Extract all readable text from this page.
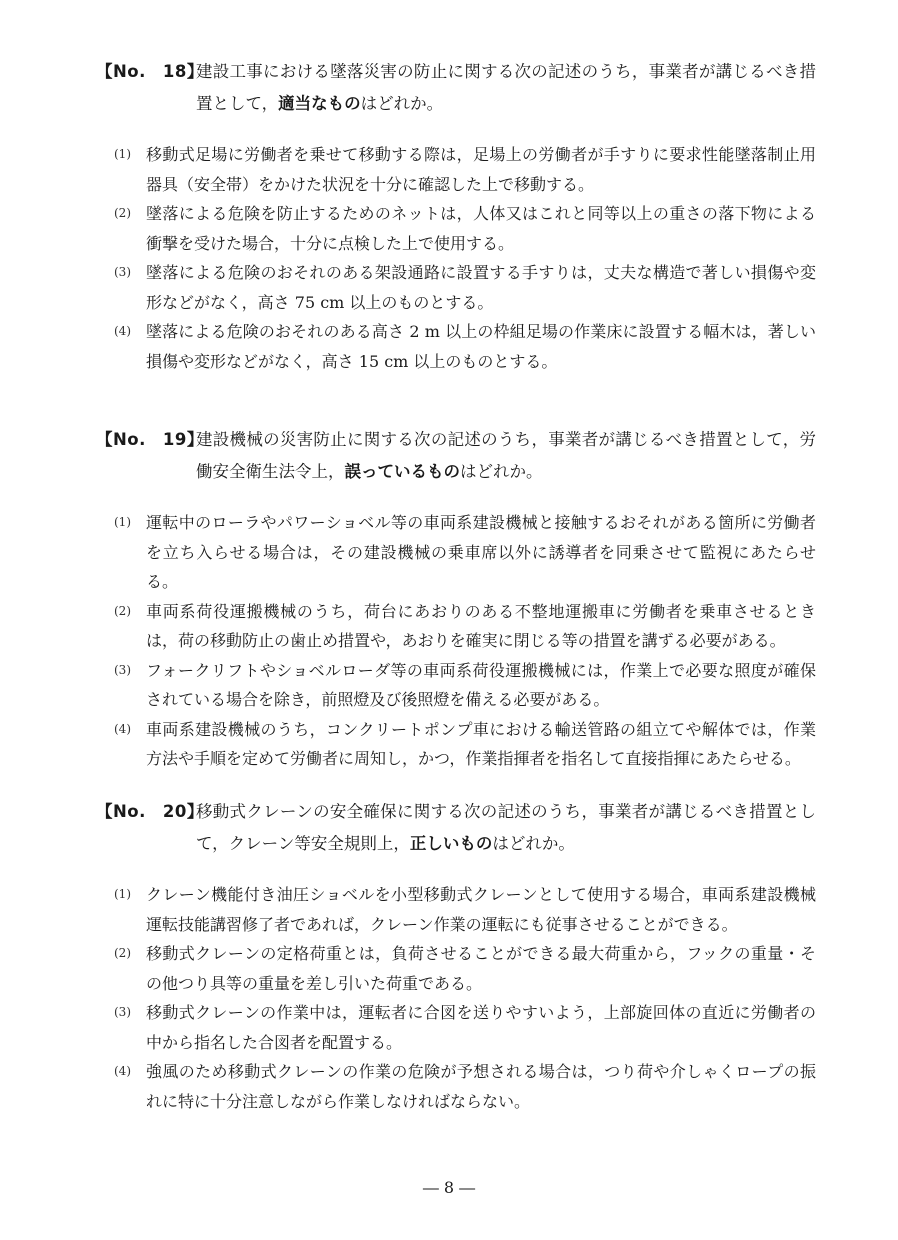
【No.　18】
建設工事における墜落災害の防止に関する次の記述のうち，事業者が講じるべき措置として，適当なものはどれか。
(1) 移動式足場に労働者を乗せて移動する際は，足場上の労働者が手すりに要求性能墜落制止用器具（安全帯）をかけた状況を十分に確認した上で移動する。
(2) 墜落による危険を防止するためのネットは，人体又はこれと同等以上の重さの落下物による衝撃を受けた場合，十分に点検した上で使用する。
(3) 墜落による危険のおそれのある架設通路に設置する手すりは，丈夫な構造で著しい損傷や変形などがなく，高さ 75 cm 以上のものとする。
(4) 墜落による危険のおそれのある高さ 2 m 以上の枠組足場の作業床に設置する幅木は，著しい損傷や変形などがなく，高さ 15 cm 以上のものとする。
【No.　19】
建設機械の災害防止に関する次の記述のうち，事業者が講じるべき措置として，労働安全衛生法令上，誤っているものはどれか。
(1) 運転中のローラやパワーショベル等の車両系建設機械と接触するおそれがある箇所に労働者を立ち入らせる場合は，その建設機械の乗車席以外に誘導者を同乗させて監視にあたらせる。
(2) 車両系荷役運搬機械のうち，荷台にあおりのある不整地運搬車に労働者を乗車させるときは，荷の移動防止の歯止め措置や，あおりを確実に閉じる等の措置を講ずる必要がある。
(3) フォークリフトやショベルローダ等の車両系荷役運搬機械には，作業上で必要な照度が確保されている場合を除き，前照燈及び後照燈を備える必要がある。
(4) 車両系建設機械のうち，コンクリートポンプ車における輸送管路の組立てや解体では，作業方法や手順を定めて労働者に周知し，かつ，作業指揮者を指名して直接指揮にあたらせる。
【No.　20】
移動式クレーンの安全確保に関する次の記述のうち，事業者が講じるべき措置として，クレーン等安全規則上，正しいものはどれか。
(1) クレーン機能付き油圧ショベルを小型移動式クレーンとして使用する場合，車両系建設機械運転技能講習修了者であれば，クレーン作業の運転にも従事させることができる。
(2) 移動式クレーンの定格荷重とは，負荷させることができる最大荷重から，フックの重量・その他つり具等の重量を差し引いた荷重である。
(3) 移動式クレーンの作業中は，運転者に合図を送りやすいよう，上部旋回体の直近に労働者の中から指名した合図者を配置する。
(4) 強風のため移動式クレーンの作業の危険が予想される場合は，つり荷や介しゃくロープの振れに特に十分注意しながら作業しなければならない。
― 8 ―
